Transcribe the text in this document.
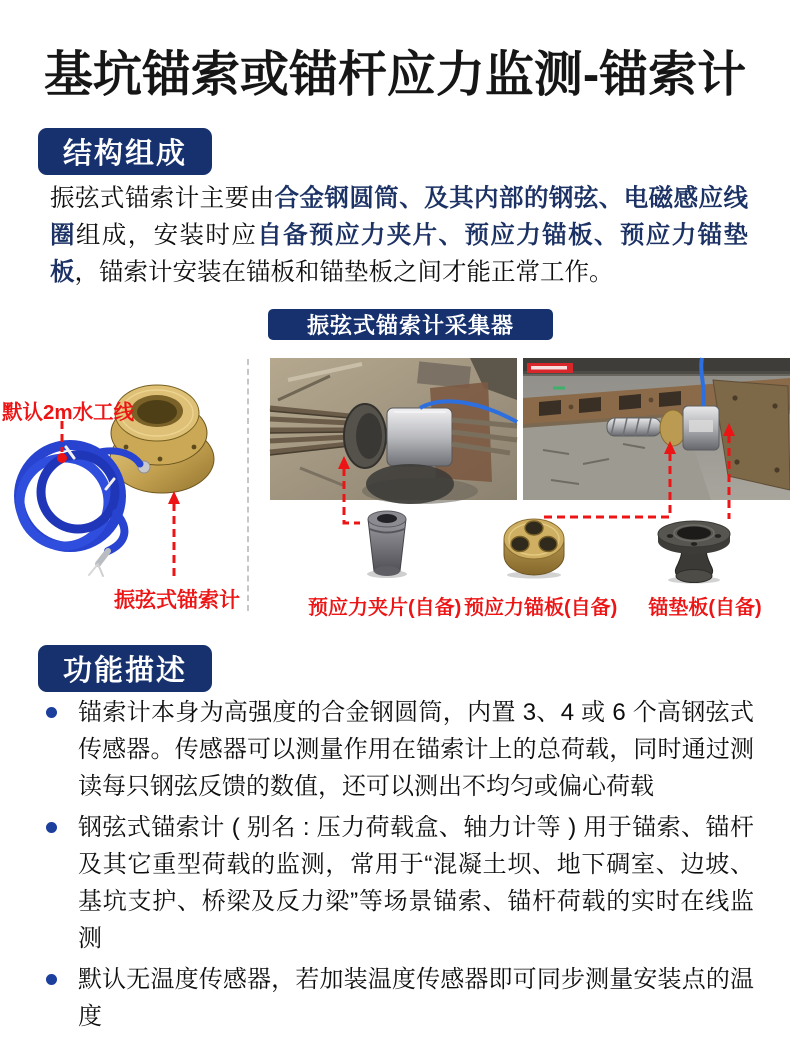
基坑锚索或锚杆应力监测-锚索计
结构组成

振弦式锚索计主要由合金钢圆筒、及其内部的钢弦、电磁感应线圈组成，安装时应自备预应力夹片、预应力锚板、预应力锚垫板，锚索计安装在锚板和锚垫板之间才能正常工作。

振弦式锚索计采集器
默认2m水工线
振弦式锚索计	预应力夹片(自备) 预应力锚板(自备)	锚垫板(自备)
功能描述
锚索计本身为高强度的合金钢圆筒，内置 3、4 或 6 个高钢弦式传感器。传感器可以测量作用在锚索计上的总荷载，同时通过测读每只钢弦反馈的数值，还可以测出不均匀或偏心荷载
钢弦式锚索计 ( 别名 : 压力荷载盒、轴力计等 ) 用于锚索、锚杆及其它重型荷载的监测，常用于“混凝土坝、地下碉室、边坡、基坑支护、桥梁及反力梁”等场景锚索、锚杆荷载的实时在线监测
默认无温度传感器，若加装温度传感器即可同步测量安装点的温度
